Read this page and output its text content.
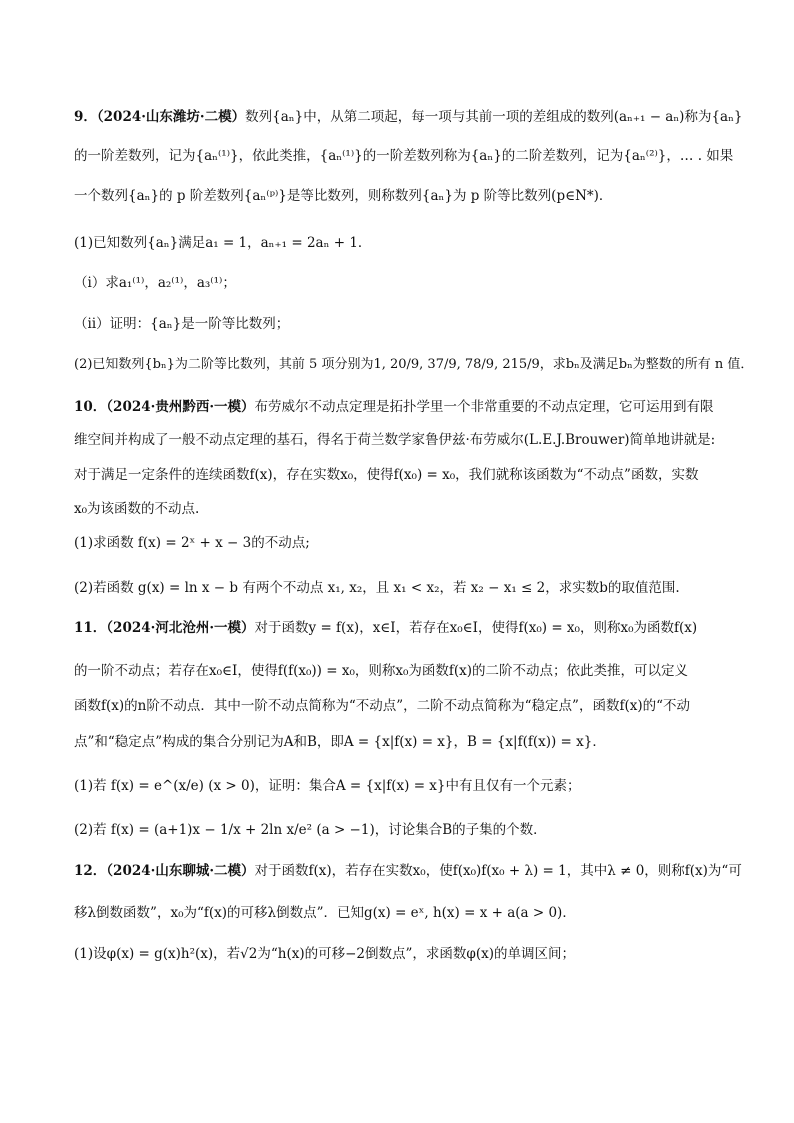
9．（2024·山东潍坊·二模）数列{aₙ}中，从第二项起，每一项与其前一项的差组成的数列(aₙ₊₁ − aₙ)称为{aₙ}
的一阶差数列，记为{aₙ⁽¹⁾}，依此类推，{aₙ⁽¹⁾}的一阶差数列称为{aₙ}的二阶差数列，记为{aₙ⁽²⁾}，… . 如果
一个数列{aₙ}的 p 阶差数列{aₙ⁽ᵖ⁾}是等比数列，则称数列{aₙ}为 p 阶等比数列(p∈N*)．
(1)已知数列{aₙ}满足a₁ = 1，aₙ₊₁ = 2aₙ + 1．
（ⅰ）求a₁⁽¹⁾，a₂⁽¹⁾，a₃⁽¹⁾；
（ⅱ）证明：{aₙ}是一阶等比数列；
(2)已知数列{bₙ}为二阶等比数列，其前 5 项分别为1, 20/9, 37/9, 78/9, 215/9，求bₙ及满足bₙ为整数的所有 n 值．
10．（2024·贵州黔西·一模）布劳威尔不动点定理是拓扑学里一个非常重要的不动点定理，它可运用到有限
维空间并构成了一般不动点定理的基石，得名于荷兰数学家鲁伊兹·布劳威尔(L.E.J.Brouwer)简单地讲就是:
对于满足一定条件的连续函数f(x)，存在实数x₀，使得f(x₀) = x₀，我们就称该函数为“不动点”函数，实数
x₀为该函数的不动点.
(1)求函数 f(x) = 2ˣ + x − 3的不动点;
(2)若函数 g(x) = ln x − b 有两个不动点 x₁, x₂，且 x₁ < x₂，若 x₂ − x₁ ≤ 2，求实数b的取值范围.
11．（2024·河北沧州·一模）对于函数y = f(x)，x∈I，若存在x₀∈I，使得f(x₀) = x₀，则称x₀为函数f(x)
的一阶不动点；若存在x₀∈I，使得f(f(x₀)) = x₀，则称x₀为函数f(x)的二阶不动点；依此类推，可以定义
函数f(x)的n阶不动点．其中一阶不动点简称为“不动点”，二阶不动点简称为“稳定点”，函数f(x)的“不动
点”和“稳定点”构成的集合分别记为A和B，即A = {x|f(x) = x}，B = {x|f(f(x)) = x}．
(1)若 f(x) = e^(x/e) (x > 0)，证明：集合A = {x|f(x) = x}中有且仅有一个元素；
(2)若 f(x) = (a+1)x − 1/x + 2ln x/e² (a > −1)，讨论集合B的子集的个数．
12．（2024·山东聊城·二模）对于函数f(x)，若存在实数x₀，使f(x₀)f(x₀ + λ) = 1，其中λ ≠ 0，则称f(x)为“可
移λ倒数函数”，x₀为“f(x)的可移λ倒数点”．已知g(x) = eˣ, h(x) = x + a(a > 0)．
(1)设φ(x) = g(x)h²(x)，若√2为“h(x)的可移−2倒数点”，求函数φ(x)的单调区间；
